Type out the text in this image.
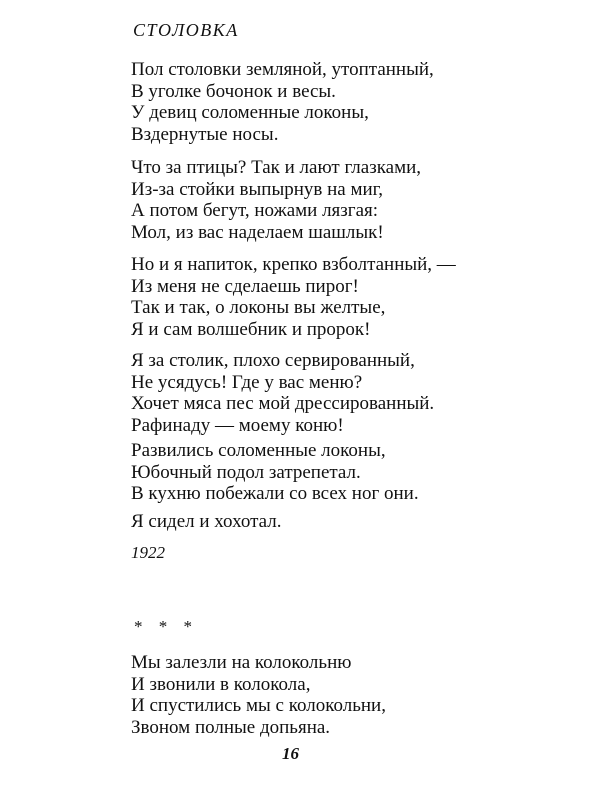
СТОЛОВКА

Пол столовки земляной, утоптанный,
В уголке бочонок и весы.
У девиц соломенные локоны,
Вздернутые носы.

Что за птицы? Так и лают глазками,
Из-за стойки выпырнув на миг,
А потом бегут, ножами лязгая:
Мол, из вас наделаем шашлык!

Но и я напиток, крепко взболтанный, —
Из меня не сделаешь пирог!
Так и так, о локоны вы желтые,
Я и сам волшебник и пророк!

Я за столик, плохо сервированный,
Не усядусь! Где у вас меню?
Хочет мяса пес мой дрессированный.
Рафинаду — моему коню!

Развились соломенные локоны,
Юбочный подол затрепетал.
В кухню побежали со всех ног они.

Я сидел и хохотал.

1922
* * *

Мы залезли на колокольню
И звонили в колокола,
И спустились мы с колокольни,
Звоном полные допьяна.

16
